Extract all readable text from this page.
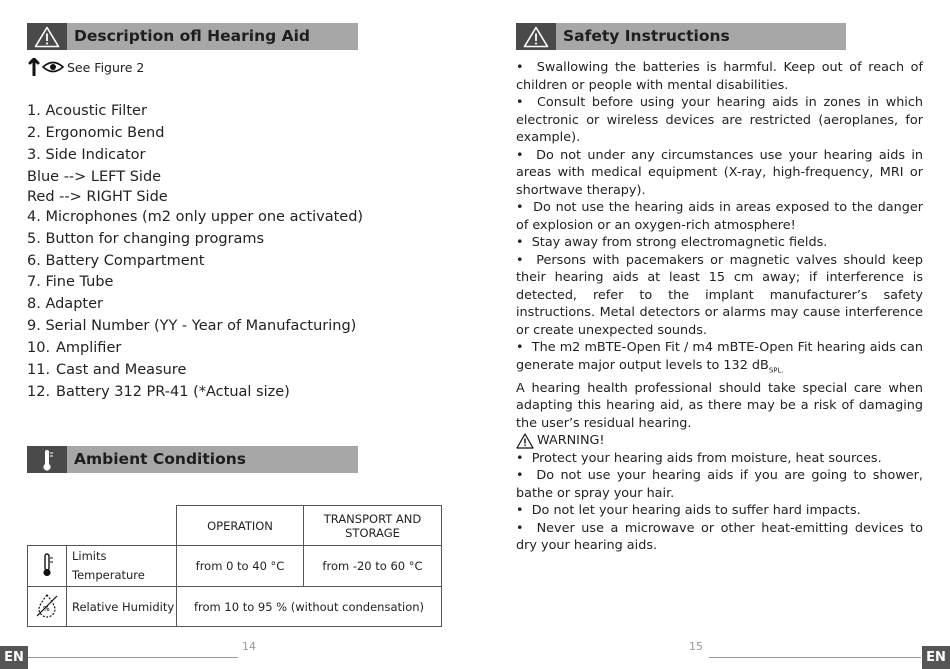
Description ofl Hearing Aid
See Figure 2
1. Acoustic Filter
2. Ergonomic Bend
3. Side Indicator
Blue --> LEFT Side
Red --> RIGHT Side
4. Microphones (m2 only upper one activated)
5. Button for changing programs
6. Battery Compartment
7. Fine Tube
8. Adapter
9. Serial Number (YY - Year of Manufacturing)
10. Amplifier
11. Cast and Measure
12. Battery 312 PR-41 (*Actual size)
Ambient Conditions
		OPERATION	TRANSPORT AND STORAGE

Limits
Temperature	from 0 to 40 °C	from -20 to 60 °C

%	Relative Humidity	from 10 to 95 % (without condensation)	
EN
14
Safety Instructions

•  Swallowing the batteries is harmful. Keep out of reach of children or people with mental disabilities.

•  Consult before using your hearing aids in zones in which electronic or wireless devices are restricted (aeroplanes, for example).

•  Do not under any circumstances use your hearing aids in areas with medical equipment (X-ray, high-frequency, MRI or shortwave therapy).

•  Do not use the hearing aids in areas exposed to the danger of explosion or an oxygen-rich atmosphere!

•  Stay away from strong electromagnetic fields.

•  Persons with pacemakers or magnetic valves should keep their hearing aids at least 15 cm away; if interference is detected, refer to the implant manufacturer’s safety instructions. Metal detectors or alarms may cause interference or create unexpected sounds.

•  The m2 mBTE-Open Fit / m4 mBTE-Open Fit hearing aids can generate major output levels to 132 $dB_{SPL.}$

A hearing health professional should take special care when adapting this hearing aid, as there may be a risk of damaging the user’s residual hearing.

WARNING!

•  Protect your hearing aids from moisture, heat sources.

•  Do not use your hearing aids if you are going to shower, bathe or spray your hair.

•  Do not let your hearing aids to suffer hard impacts.

•  Never use a microwave or other heat-emitting devices to dry your hearing aids.

15
EN
